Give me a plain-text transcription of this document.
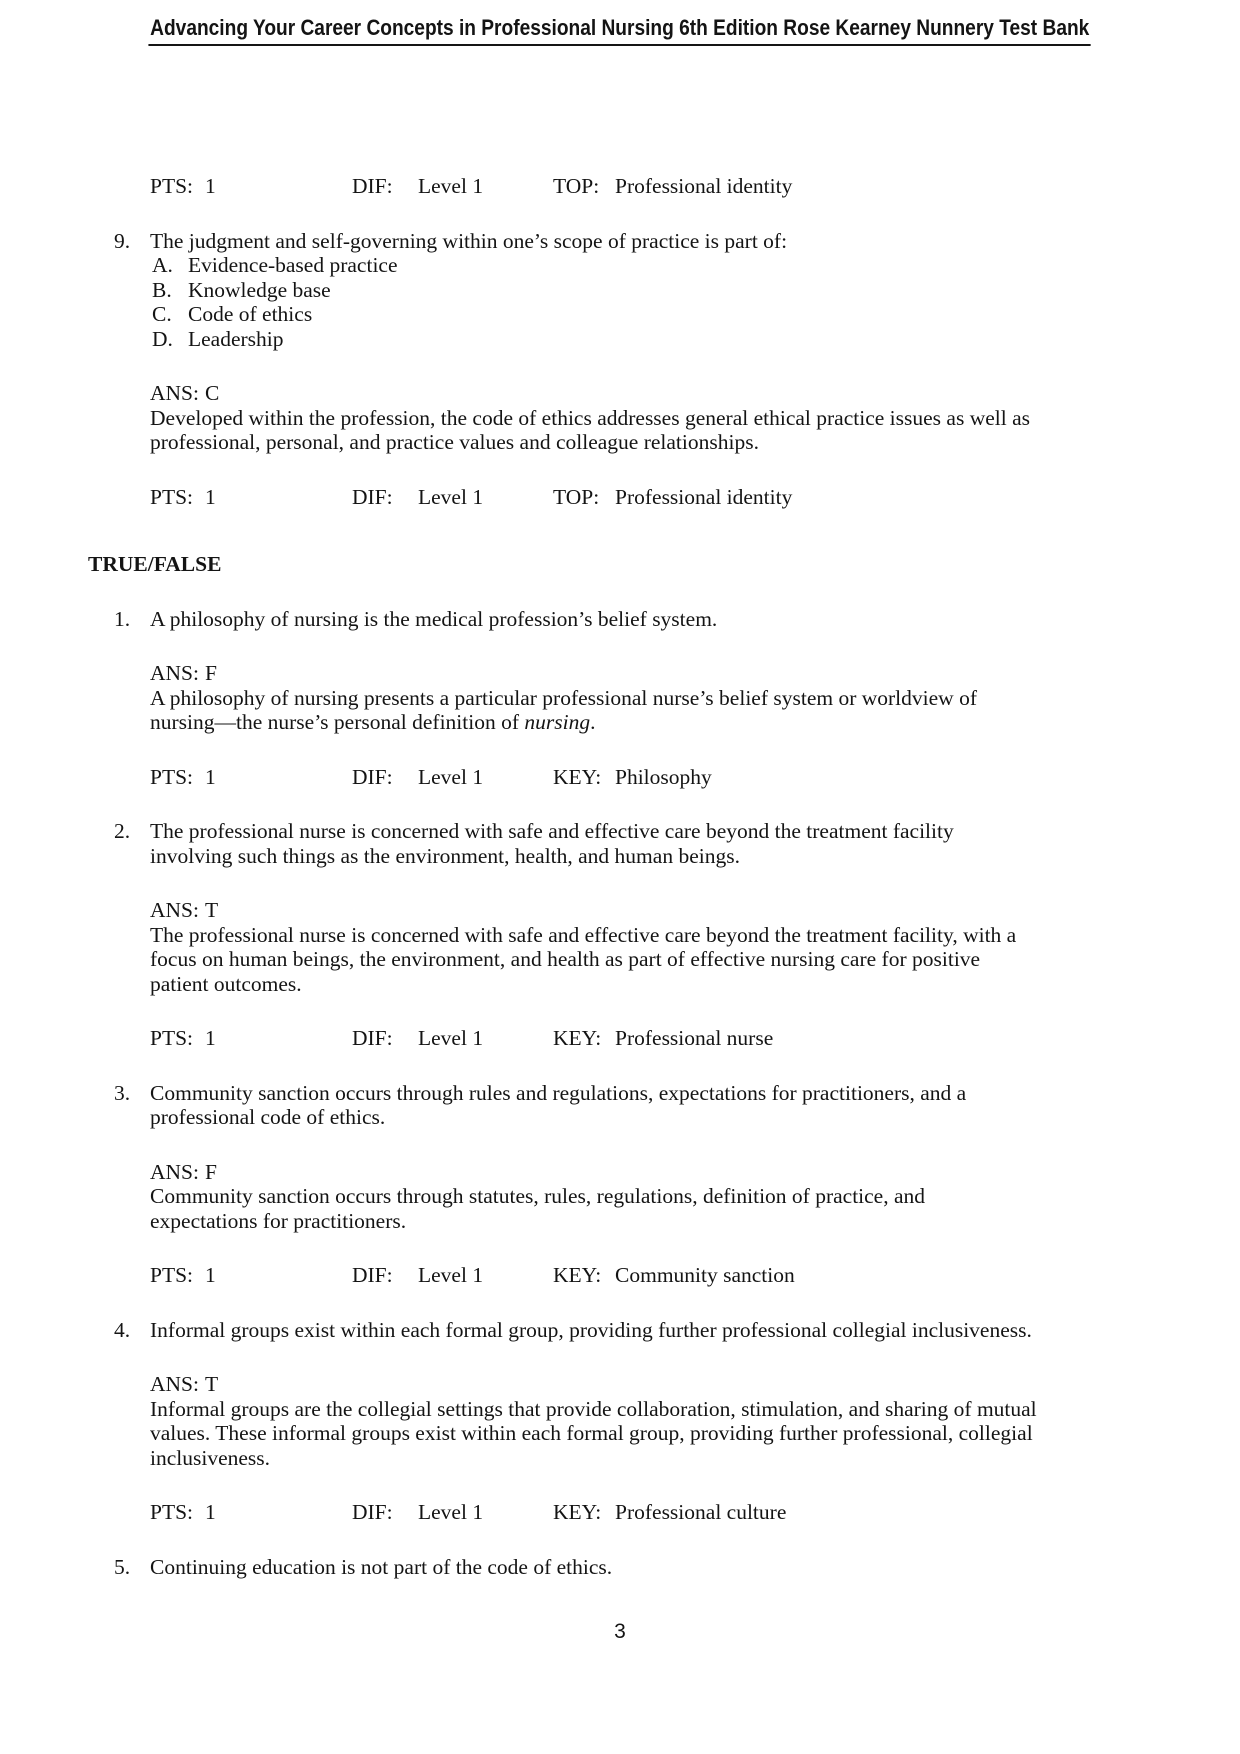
Advancing Your Career Concepts in Professional Nursing 6th Edition Rose Kearney Nunnery Test Bank
PTS: 1	DIF: Level 1	TOP: Professional identity
The judgment and self-governing within one’s scope of practice is part of:
9.
A. Evidence-based practice
B. Knowledge base
C. Code of ethics
D. Leadership
ANS: C
Developed within the profession, the code of ethics addresses general ethical practice issues as well as
professional, personal, and practice values and colleague relationships.
PTS: 1	DIF: Level 1	TOP: Professional identity
TRUE/FALSE
A philosophy of nursing is the medical profession’s belief system.
1.
ANS: F
A philosophy of nursing presents a particular professional nurse’s belief system or worldview of
nursing—the nurse’s personal definition of nursing.
PTS: 1	DIF: Level 1	KEY: Philosophy
The professional nurse is concerned with safe and effective care beyond the treatment facility
2.
involving such things as the environment, health, and human beings.
ANS: T
The professional nurse is concerned with safe and effective care beyond the treatment facility, with a
focus on human beings, the environment, and health as part of effective nursing care for positive
patient outcomes.
PTS: 1	DIF: Level 1	KEY: Professional nurse
Community sanction occurs through rules and regulations, expectations for practitioners, and a
3.
professional code of ethics.
ANS: F
Community sanction occurs through statutes, rules, regulations, definition of practice, and
expectations for practitioners.
PTS: 1	DIF: Level 1	KEY: Community sanction
Informal groups exist within each formal group, providing further professional collegial inclusiveness.
4.
ANS: T
Informal groups are the collegial settings that provide collaboration, stimulation, and sharing of mutual
values. These informal groups exist within each formal group, providing further professional, collegial
inclusiveness.
PTS: 1	DIF: Level 1	KEY: Professional culture
Continuing education is not part of the code of ethics.
5.
3
